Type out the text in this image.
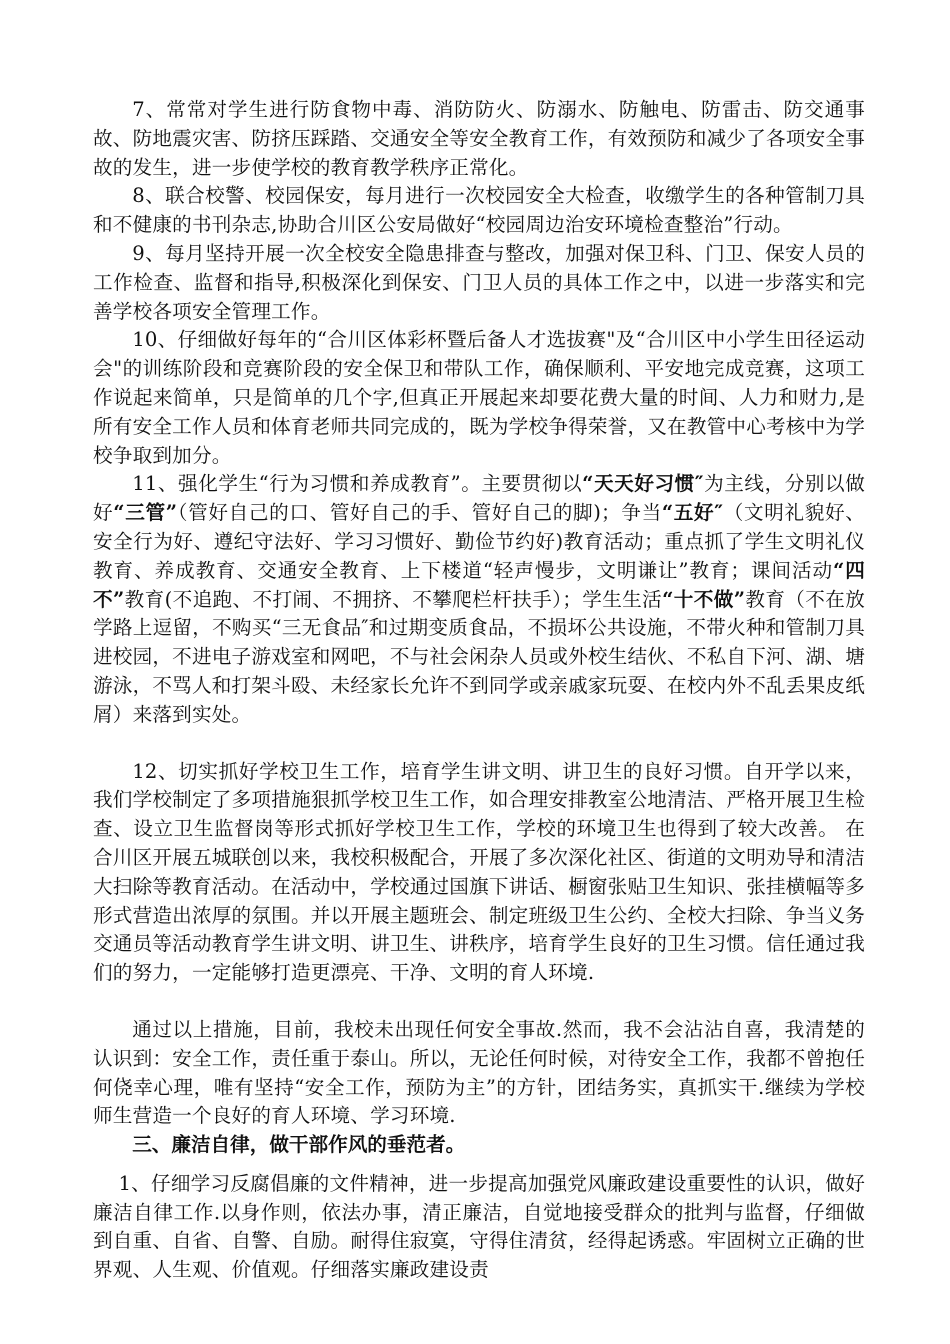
7、常常对学生进行防食物中毒、消防防火、防溺水、防触电、防雷击、防交通事故、防地震灾害、防挤压踩踏、交通安全等安全教育工作，有效预防和减少了各项安全事故的发生，进一步使学校的教育教学秩序正常化。

8、联合校警、校园保安，每月进行一次校园安全大检查，收缴学生的各种管制刀具和不健康的书刊杂志,协助合川区公安局做好“校园周边治安环境检查整治”行动。

9、每月坚持开展一次全校安全隐患排查与整改，加强对保卫科、门卫、保安人员的工作检查、监督和指导,积极深化到保安、门卫人员的具体工作之中，以进一步落实和完善学校各项安全管理工作。

10、仔细做好每年的“合川区体彩杯暨后备人才选拔赛"及“合川区中小学生田径运动会"的训练阶段和竞赛阶段的安全保卫和带队工作，确保顺利、平安地完成竞赛，这项工作说起来简单，只是简单的几个字,但真正开展起来却要花费大量的时间、人力和财力,是所有安全工作人员和体育老师共同完成的，既为学校争得荣誉，又在教管中心考核中为学校争取到加分。

11、强化学生“行为习惯和养成教育”。主要贯彻以“天天好习惯″为主线，分别以做好“三管”（管好自己的口、管好自己的手、管好自己的脚)；争当“五好″（文明礼貌好、安全行为好、遵纪守法好、学习习惯好、勤俭节约好)教育活动；重点抓了学生文明礼仪教育、养成教育、交通安全教育、上下楼道“轻声慢步，文明谦让”教育；课间活动“四不”教育(不追跑、不打闹、不拥挤、不攀爬栏杆扶手）；学生生活“十不做”教育（不在放学路上逗留，不购买“三无食品″和过期变质食品，不损坏公共设施，不带火种和管制刀具进校园，不进电子游戏室和网吧，不与社会闲杂人员或外校生结伙、不私自下河、湖、塘游泳，不骂人和打架斗殴、未经家长允许不到同学或亲戚家玩耍、在校内外不乱丢果皮纸屑）来落到实处。

12、切实抓好学校卫生工作，培育学生讲文明、讲卫生的良好习惯。自开学以来，我们学校制定了多项措施狠抓学校卫生工作，如合理安排教室公地清洁、严格开展卫生检查、设立卫生监督岗等形式抓好学校卫生工作，学校的环境卫生也得到了较大改善。 在合川区开展五城联创以来，我校积极配合，开展了多次深化社区、街道的文明劝导和清洁大扫除等教育活动。在活动中，学校通过国旗下讲话、橱窗张贴卫生知识、张挂横幅等多形式营造出浓厚的氛围。并以开展主题班会、制定班级卫生公约、全校大扫除、争当义务交通员等活动教育学生讲文明、讲卫生、讲秩序，培育学生良好的卫生习惯。信任通过我们的努力，一定能够打造更漂亮、干净、文明的育人环境.

通过以上措施，目前，我校未出现任何安全事故.然而，我不会沾沾自喜，我清楚的认识到：安全工作，责任重于泰山。所以，无论任何时候，对待安全工作，我都不曾抱任何侥幸心理，唯有坚持“安全工作，预防为主”的方针，团结务实，真抓实干.继续为学校师生营造一个良好的育人环境、学习环境.

三、廉洁自律，做干部作风的垂范者。

1、仔细学习反腐倡廉的文件精神，进一步提高加强党风廉政建设重要性的认识，做好廉洁自律工作.以身作则，依法办事，清正廉洁，自觉地接受群众的批判与监督，仔细做到自重、自省、自警、自励。耐得住寂寞，守得住清贫，经得起诱惑。牢固树立正确的世界观、人生观、价值观。仔细落实廉政建设责
